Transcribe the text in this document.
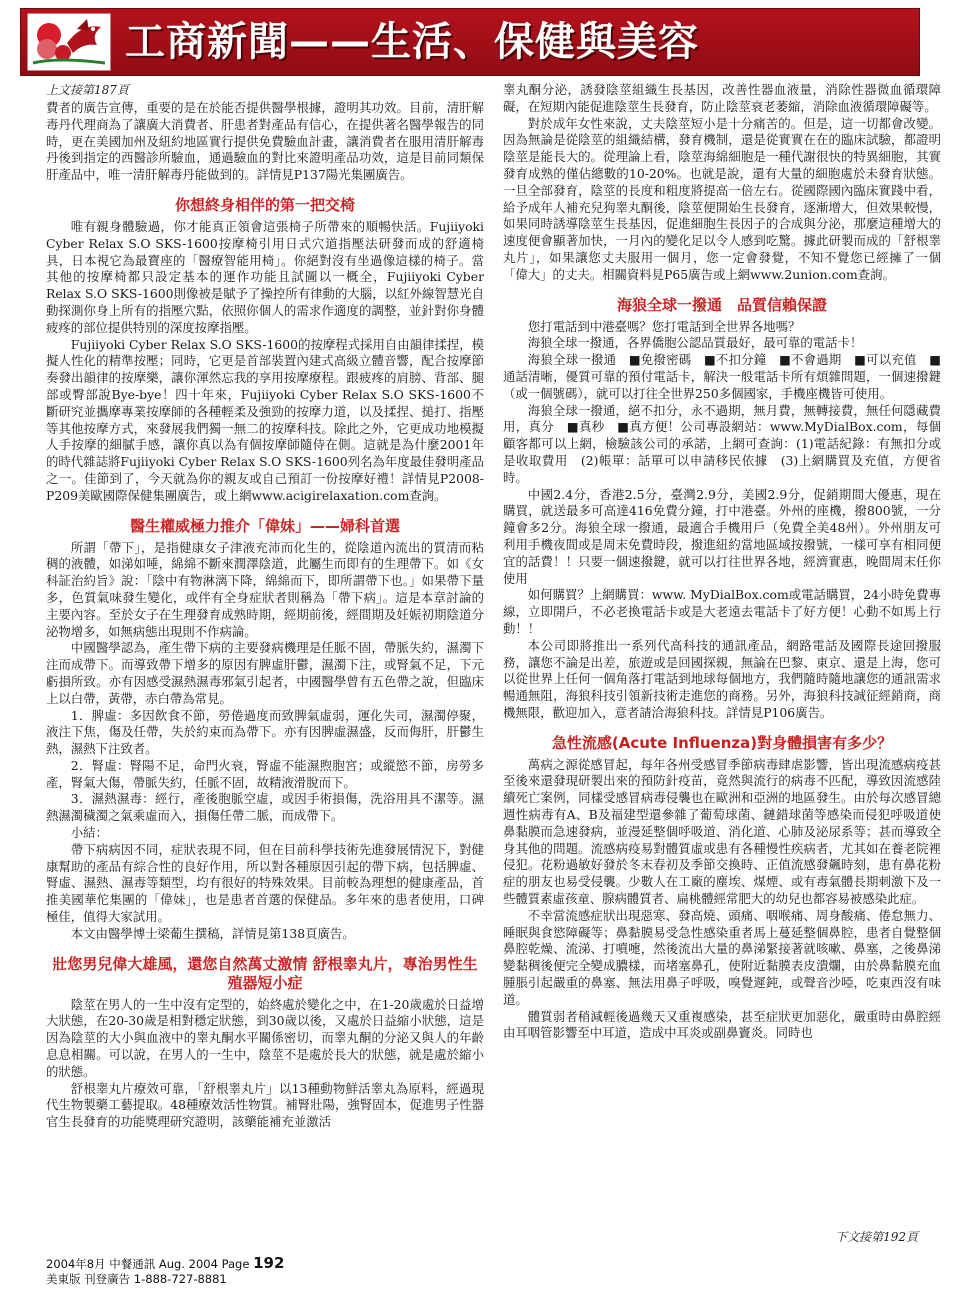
工商新聞——生活、保健與美容
上文接第187頁

費者的廣告宣傳，重要的是在於能否提供醫學根據，證明其功效。目前，清肝解毒丹代理商為了讓廣大消費者、肝患者對產品有信心，在提供著名醫學報告的同時，更在美國加州及紐約地區實行提供免費驗血計畫，讓消費者在服用清肝解毒丹後到指定的西醫診所驗血，通過驗血的對比來證明產品功效，這是目前同類保肝產品中，唯一清肝解毒丹能做到的。詳情見P137陽光集團廣告。

你想終身相伴的第一把交椅

唯有親身體驗過，你才能真正領會這張椅子所帶來的順暢快活。Fujiiyoki Cyber Relax S.O SKS-1600按摩椅引用日式穴道指壓法研發而成的舒適椅具，日本視它為最寶座的「醫療智能用椅」。你絕對沒有坐過像這樣的椅子。當其他的按摩椅都只設定基本的運作功能且試圖以一概全，Fujiiyoki Cyber Relax S.O SKS-1600則像被是賦予了操控所有律動的大腦，以紅外線智慧光自動探測你身上所有的指壓穴點，依照你個人的需求作適度的調整，並針對你身體疲疼的部位提供特別的深度按摩指壓。

Fujiiyoki Cyber Relax S.O SKS-1600的按摩程式採用自由韻律揉捏，模擬人性化的精準按壓；同時，它更是首部裝置內建式高級立體音響，配合按摩節奏發出韻律的按摩樂，讓你渾然忘我的享用按摩療程。跟疲疼的肩膀、背部、腿部或臀部說Bye-bye！四十年來，Fujiiyoki Cyber Relax S.O SKS-1600不斷研究並攜摩專業按摩師的各種輕柔及強勁的按摩力道，以及揉捏、搥打、指壓等其他按摩方式，來發展我們獨一無二的按摩科技。除此之外，它更成功地模擬人手按摩的細膩手感，讓你真以為有個按摩師隨侍在側。這就是為什麼2001年的時代雜誌將Fujiiyoki Cyber Relax S.O SKS-1600列名為年度最佳發明產品之一。佳節到了，今天就為你的親友或自己預訂一份按摩好禮！詳情見P2008-P209美歐國際保健集團廣告，或上網www.acigirelaxation.com查詢。

醫生權威極力推介「偉妹」——婦科首選

所謂「帶下」，是指健康女子津液充沛而化生的，從陰道內流出的質清而粘稠的液體，如涕如唾，綿綿不斷來潤澤陰道，此屬生而即有的生理帶下。如《女科証治約旨》說：「陰中有物淋漓下降，綿綿而下，即所謂帶下也。」如果帶下量多，色質氣味發生變化，或伴有全身症狀者則稱為「帶下病」。這是本章討論的主要內容。至於女子在生理發育成熟時期，經期前後，經間期及妊娠初期陰道分泌物增多，如無病態出現則不作病論。

中國醫學認為，產生帶下病的主要發病機理是任脈不固，帶脈失約，濕濁下注而成帶下。而導致帶下增多的原因有脾虛肝鬱，濕濁下注，或腎氣不足，下元虧損所致。亦有因感受濕熱濕毒邪氣引起者，中國醫學曾有五色帶之說，但臨床上以白帶，黃帶，赤白帶為常見。

1．脾虛：多因飲食不節，勞倦過度而致脾氣虛弱，運化失司，濕濁停聚，液注下焦，傷及任帶，失於約束而為帶下。亦有因脾虛濕盛，反而侮肝，肝鬱生熱，濕熱下注致者。

2．腎虛：腎陽不足，命門火衰，腎虛不能濕煦胞宮；或縱慾不節，房勞多產，腎氣大傷，帶脈失約，任脈不固，故精液滑脫而下。

3．濕熱濕毒：經行，產後胞脈空虛，或因手術損傷，洗浴用具不潔等。濕熱濕濁穢濁之氣乘虛而入，損傷任帶二脈，而成帶下。

小結：

帶下病病因不同，症狀表現不同，但在目前科學技術先進發展情況下，對健康幫助的產品有綜合性的良好作用，所以對各種原因引起的帶下病，包括脾虛、腎虛、濕熱、濕毒等類型，均有很好的特殊效果。目前較為理想的健康產品，首推美國華佗集團的「偉妹」，也是患者首選的保健品。多年來的患者使用，口碑極佳，值得大家試用。

本文由醫學博士梁葡生撰稿，詳情見第138頁廣告。

壯您男兒偉大雄風，還您自然萬丈激情 舒根睾丸片，專治男性生殖器短小症

陰莖在男人的一生中沒有定型的，始終處於變化之中，在1-20歲處於日益增大狀態，在20-30歲是相對穩定狀態，到30歲以後，又處於日益縮小狀態，這是因為陰莖的大小與血液中的睾丸酮水平關係密切，而睾丸酮的分泌又與人的年齡息息相關。可以說，在男人的一生中，陰莖不是處於長大的狀態，就是處於縮小的狀態。

舒根睾丸片療效可靠，「舒根睾丸片」以13種動物鮮活睾丸為原料，經過現代生物製藥工藝提取。48種療效活性物質。補腎壯陽，強腎固本，促進男子性器官生長發育的功能獎理研究證明，該藥能補充並激活

睾丸酮分泌，誘發陰莖組織生長基因，改善性器血液量，消除性器微血循環障礙，在短期內能促進陰莖生長發育，防止陰莖衰老萎縮，消除血液循環障礙等。

對於成年女性來說，丈夫陰莖短小是十分痛苦的。但是，這一切都會改變。因為無論是從陰莖的組織結構，發育機制，還是從實實在在的臨床試驗，都證明陰莖是能長大的。從理論上看，陰莖海綿細胞是一種代謝很快的特異細胞，其實發育成熟的僅佔總數的10-20%。也就是說，還有大量的細胞處於未發育狀態。一旦全部發育，陰莖的長度和粗度將提高一倍左右。從國際國內臨床實踐中看，給予成年人補充兒狗睾丸酮後，陰莖便開始生長發育，逐漸增大，但效果較慢，如果同時誘導陰莖生長基因，促進細胞生長因子的合成與分泌，那麼這種增大的速度便會顯著加快，一月內的變化足以令人感到吃驚。據此研製而成的「舒根睾丸片」，如果讓您丈夫服用一個月，您一定會發覺，不知不覺您已經擁了一個「偉大」的丈夫。相關資料見P65廣告或上網www.2union.com查詢。

海狼全球一撥通　品質信賴保證

您打電話到中港臺嗎？您打電話到全世界各地嗎？

海狼全球一撥通，各界僑胞公認品質最好，最可靠的電話卡！

海狼全球一撥通　■免撥密碼　■不扣分鐘　■不會過期　■可以充值　■通話清晰，優質可靠的預付電話卡，解決一般電話卡所有煩雜問題，一個速撥鍵（或一個號碼），就可以打往全世界250多個國家，手機座機皆可使用。

海狼全球一撥通，絕不扣分，永不過期，無月費，無轉接費，無任何隱藏費用，真分　■真秒　■真方便！公司專設網站：www.MyDialBox.com，每個顧客都可以上網，檢驗該公司的承諾，上網可查詢：(1)電話紀錄：有無扣分或是收取費用　(2)帳單：話單可以申請移民依據　(3)上網購買及充值，方便省時。

中國2.4分，香港2.5分，臺灣2.9分，美國2.9分，促銷期間大優惠，現在購買，就送最多可高達416免費分鐘，打中港臺。外州的座機，撥800號，一分鐘會多2分。海狼全球一撥通，最適合手機用戶（免費全美48州）。外州朋友可利用手機夜間或是周末免費時段，撥進紐約當地區域按撥號，一樣可享有相同便宜的話費！！只要一個速撥鍵，就可以打往世界各地，經濟實惠，晚間周末任你使用

如何購買？上網購買：www. MyDialBox.com或電話購買，24小時免費專線，立即開戶，不必老換電話卡或是大老遠去電話卡了好方便！心動不如馬上行動！！

本公司即將推出一系列代高科技的通訊產品，網路電話及國際長途回撥服務，讓您不論是出差，旅遊或是回國探親，無論在巴黎、東京、還是上海，您可以從世界上任何一個角落打電話到地球每個地方，我們隨時隨地讓您的通訊需求暢通無阻，海狼科技引領新技術走進您的商務。另外，海狼科技誠征經銷商，商機無限，歡迎加入，意者請洽海狼科技。詳情見P106廣告。

急性流感(Acute Influenza)對身體損害有多少？

萬病之源從感冒起，每年各州受感冒季節病毒肆虐影響，皆出現流感病疫甚至後來還發現研製出來的預防針疫苗，竟然與流行的病毒不匹配，導致因流感陸續死亡案例，同樣受感冒病毒侵襲也在歐洲和亞洲的地區發生。由於每次感冒總週性病毒有A、B及福建型還參雜了葡萄球菌、鏈錯球菌等感染而侵犯呼吸道使鼻黏膜而急速發病，並漫延整個呼吸道、消化道、心肺及泌尿系等；甚而導致全身其他的問題。流感病疫易對體質虛或患有各種慢性疾病者，尤其如在養老院裡侵犯。花粉過敏好發於冬末春初及季節交換時、正值流感發飆時刻，患有鼻花粉症的朋友也易受侵襲。少數人在工廠的塵埃、煤煙、或有毒氣體長期刺激下及一些體質素虛孩童、腺病體質者、扁桃體經常肥大的幼兒也都容易被感染此症。

不幸當流感症狀出現惡寒、發高燒、頭痛、咽喉痛、周身酸痛、倦怠無力、睡眠與食慾障礙等；鼻黏膜易受急性感染重者馬上蔓延整個鼻腔，患者自覺整個鼻腔乾燥、流涕、打噴嚏，然後流出大量的鼻涕緊接著就咳嗽、鼻塞，之後鼻涕變黏稠後便完全變成膿樣，而堵塞鼻孔，使附近黏膜表皮潰爛，由於鼻黏膜充血腫脹引起嚴重的鼻塞、無法用鼻子呼吸，嗅覺遲鈍，或聲音沙啞，吃東西沒有味道。

體質弱者稍減輕後過幾天又重複感染，甚至症狀更加惡化，嚴重時由鼻腔經由耳咽管影響至中耳道，造成中耳炎或副鼻竇炎。同時也

下文接第192頁
2004年8月 中餐通訊 Aug. 2004 Page 192
美東版 刊登廣告 1-888-727-8881
